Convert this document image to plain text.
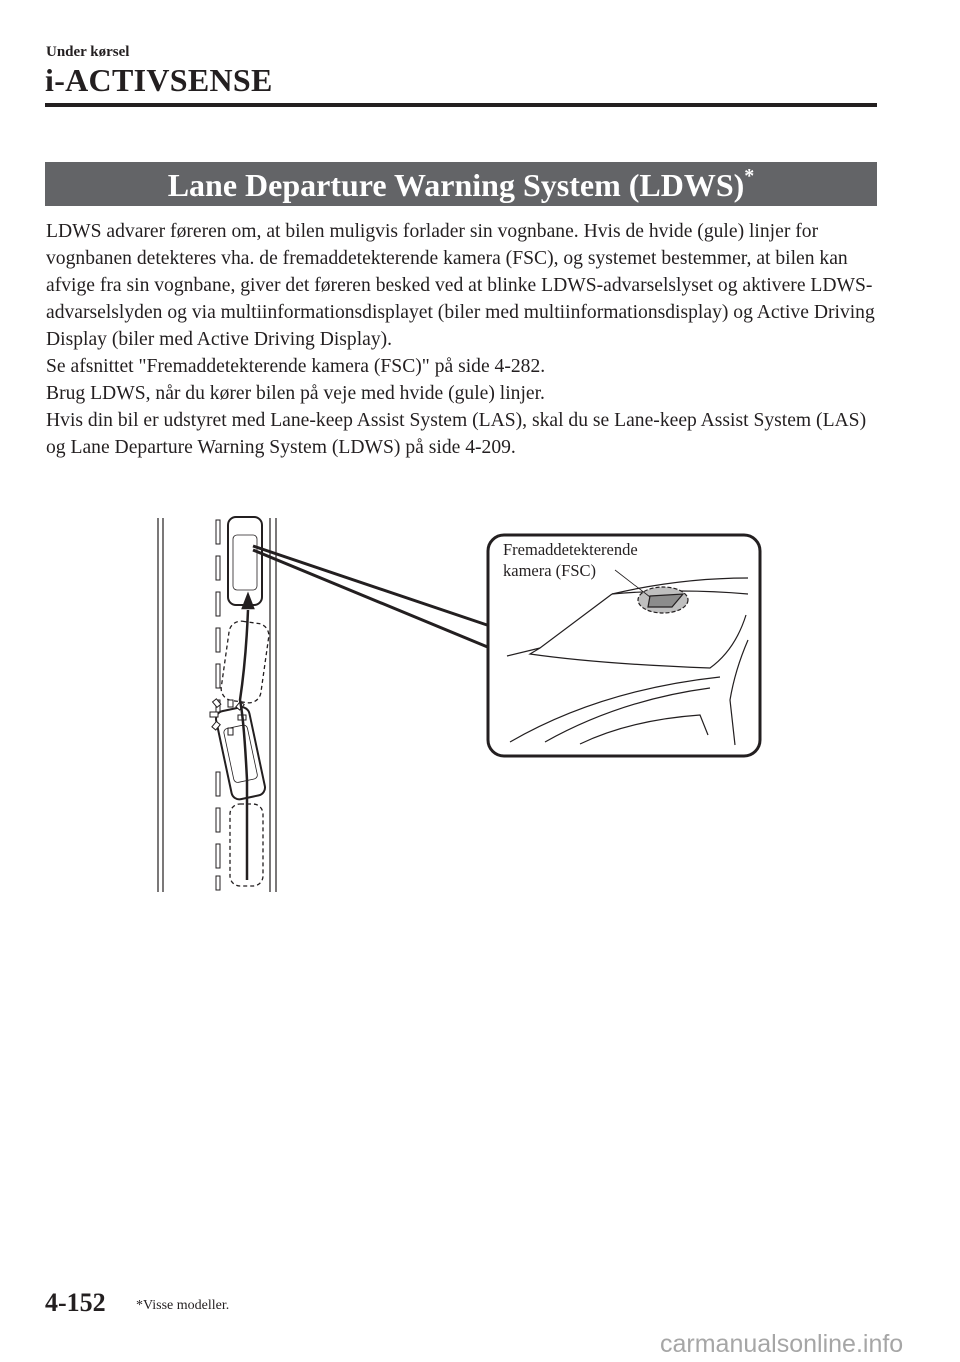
Under kørsel
i-ACTIVSENSE
Lane Departure Warning System (LDWS)*

LDWS advarer føreren om, at bilen muligvis forlader sin vognbane. Hvis de hvide (gule) linjer for vognbanen detekteres vha. de fremaddetekterende kamera (FSC), og systemet bestemmer, at bilen kan afvige fra sin vognbane, giver det føreren besked ved at blinke LDWS-advarselslyset og aktivere LDWS-advarselslyden og via multiinformationsdisplayet (biler med multiinformationsdisplay) og Active Driving Display (biler med Active Driving Display).

Se afsnittet "Fremaddetekterende kamera (FSC)" på side 4-282.

Brug LDWS, når du kører bilen på veje med hvide (gule) linjer.

Hvis din bil er udstyret med Lane-keep Assist System (LAS), skal du se Lane-keep Assist System (LAS) og Lane Departure Warning System (LDWS) på side 4-209.

Fremaddetekterende
kamera (FSC)
4-152 *Visse modeller.
carmanualsonline.info
